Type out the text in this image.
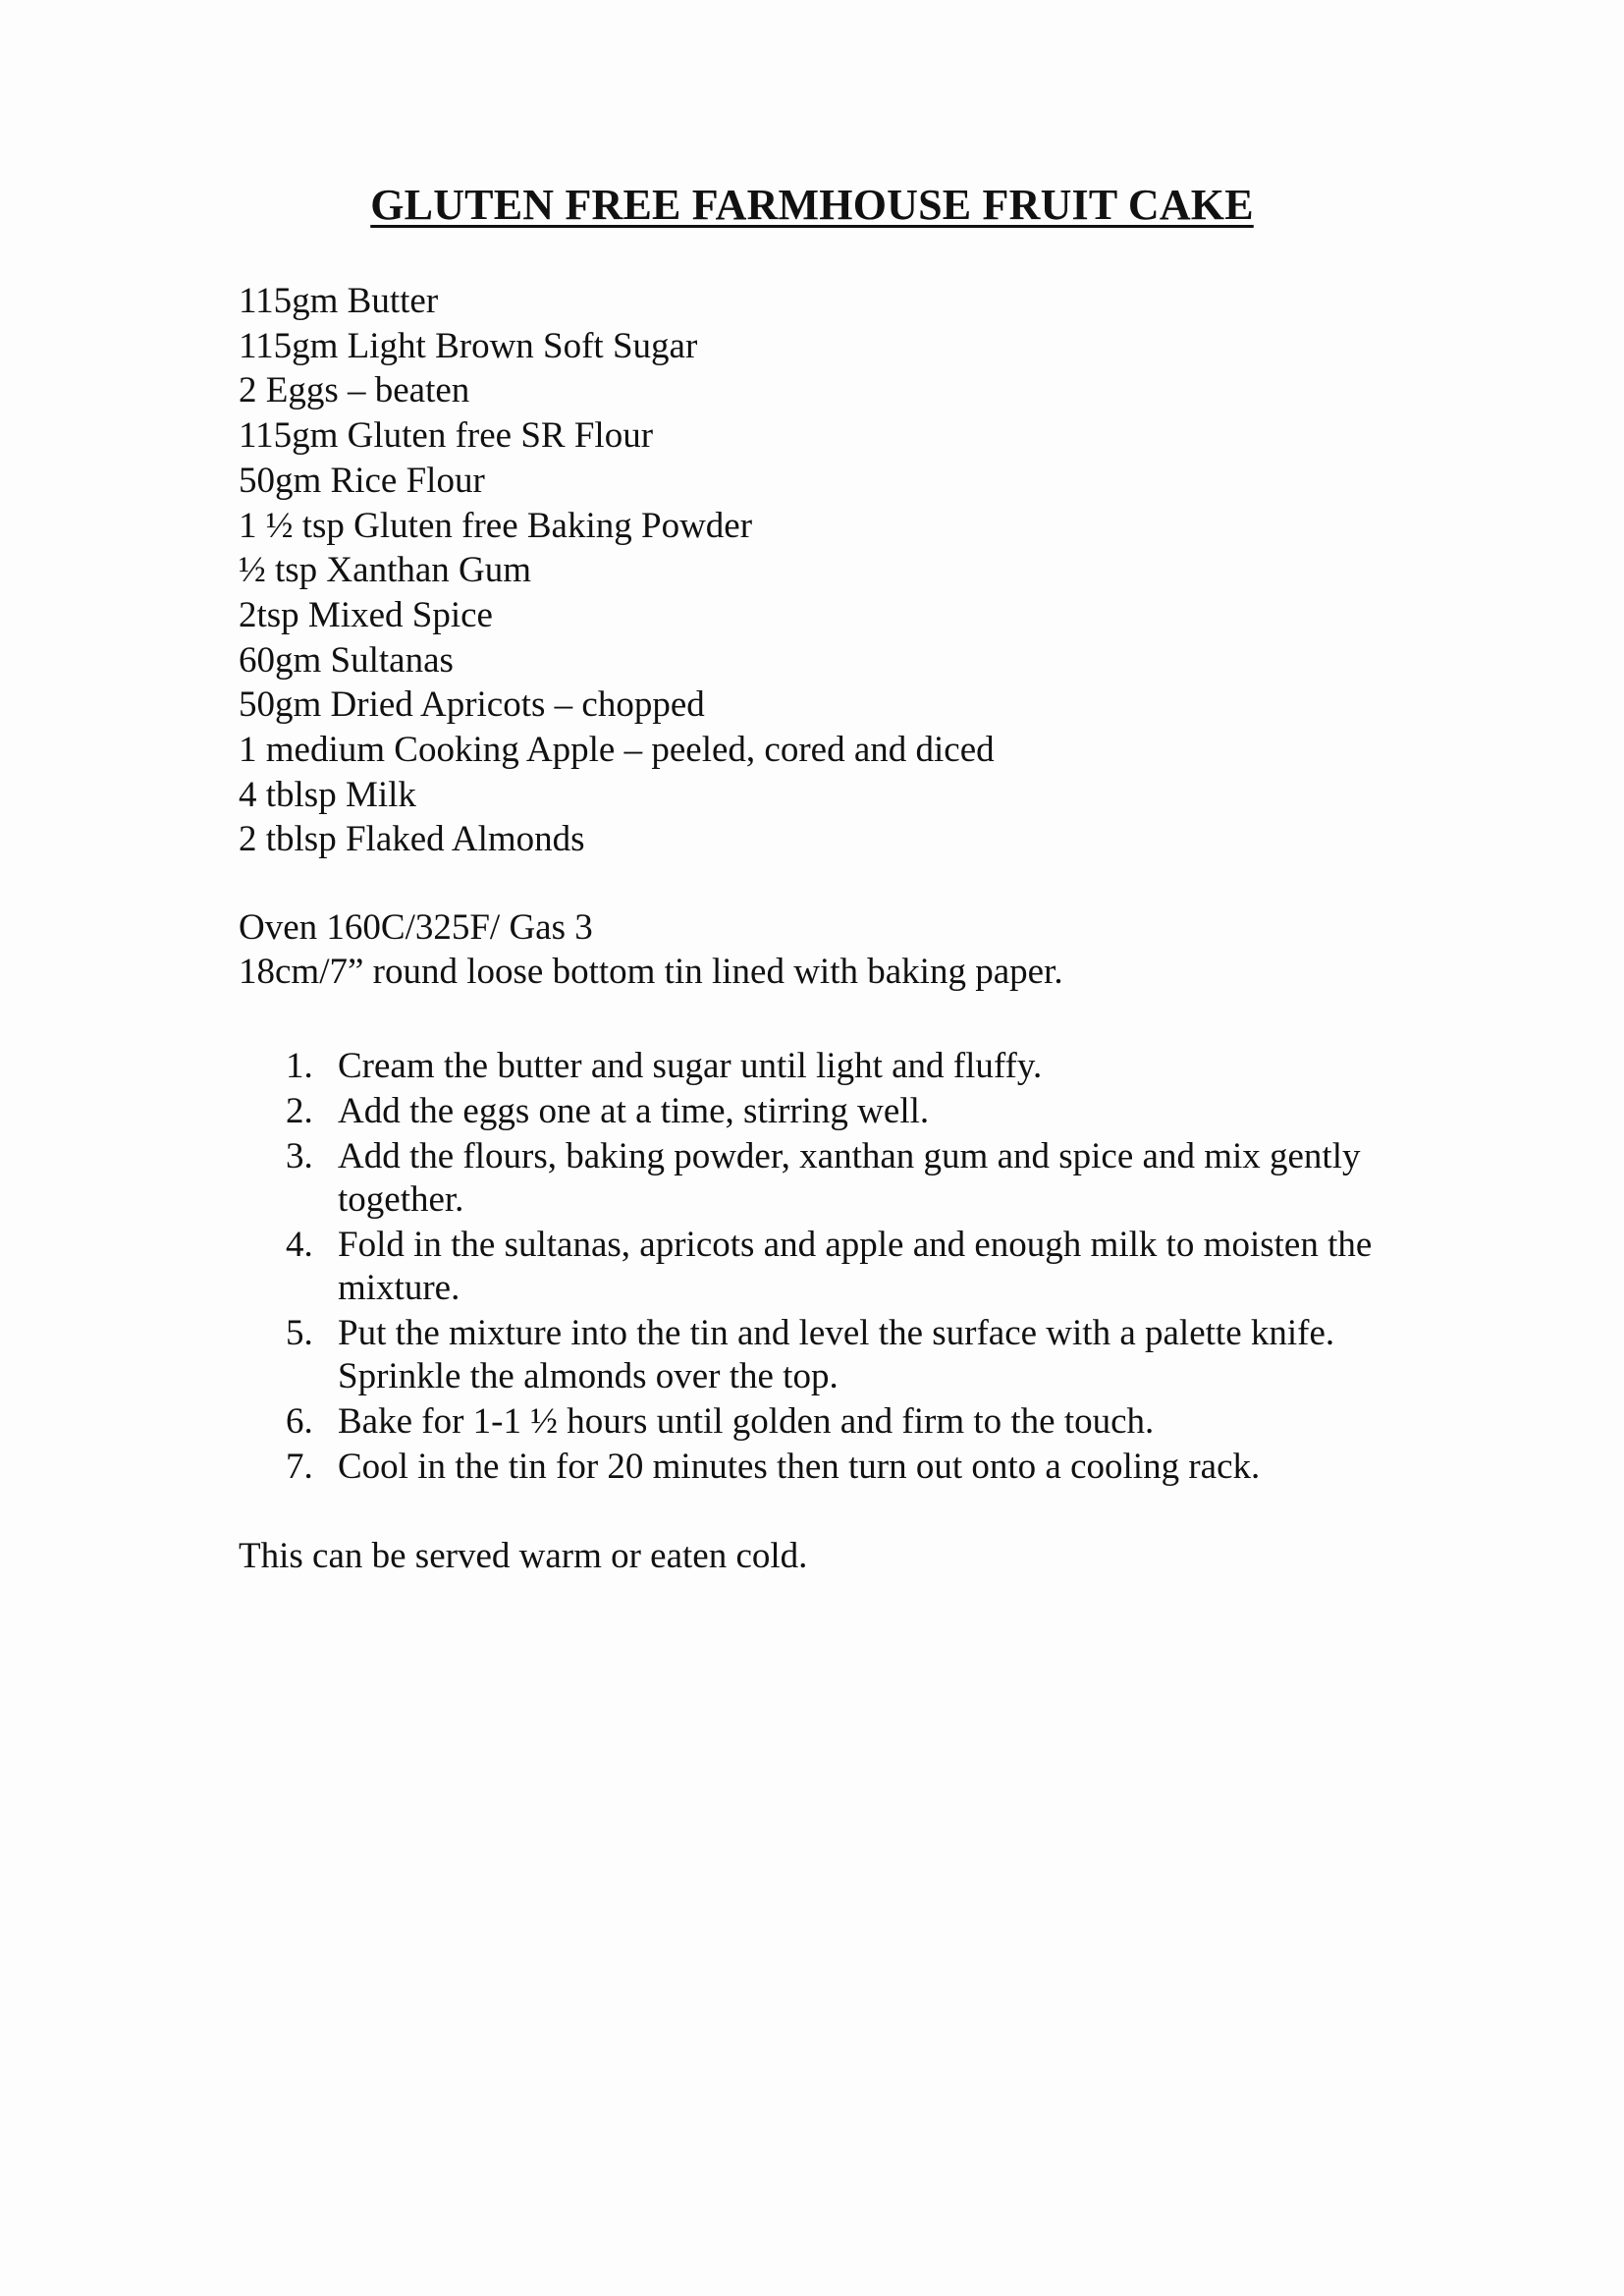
GLUTEN FREE FARMHOUSE FRUIT CAKE
115gm Butter
115gm Light Brown Soft Sugar
2 Eggs – beaten
115gm Gluten free SR Flour
50gm Rice Flour
1 ½ tsp Gluten free Baking Powder
½ tsp Xanthan Gum
2tsp Mixed Spice
60gm Sultanas
50gm Dried Apricots – chopped
1 medium Cooking Apple – peeled, cored and diced
4 tblsp Milk
2 tblsp Flaked Almonds
Oven 160C/325F/ Gas 3
18cm/7” round loose bottom tin lined with baking paper.
1. Cream the butter and sugar until light and fluffy.
2. Add the eggs one at a time, stirring well.
3. Add the flours, baking powder, xanthan gum and spice and mix gently together.
4. Fold in the sultanas, apricots and apple and enough milk to moisten the mixture.
5. Put the mixture into the tin and level the surface with a palette knife. Sprinkle the almonds over the top.
6. Bake for 1-1 ½ hours until golden and firm to the touch.
7. Cool in the tin for 20 minutes then turn out onto a cooling rack.
This can be served warm or eaten cold.
